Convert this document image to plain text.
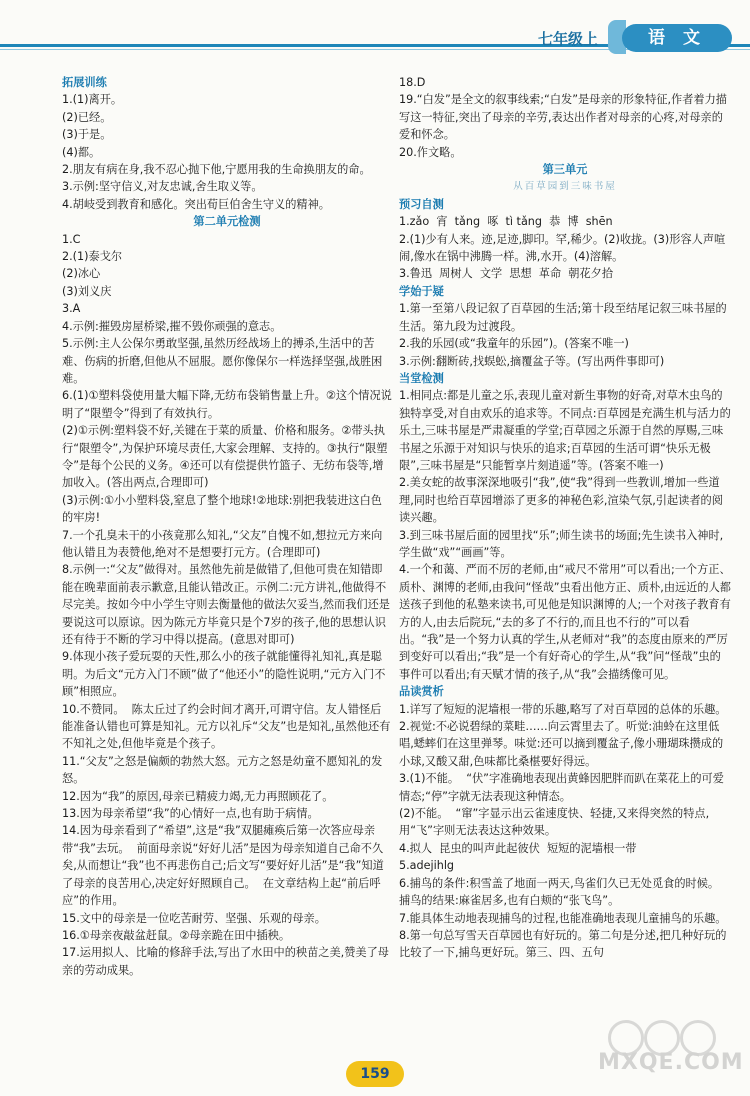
七年级上	语 文

拓展训练

1.(1)离开。

(2)已经。

(3)于是。

(4)都。

2.朋友有病在身,我不忍心抛下他,宁愿用我的生命换朋友的命。

3.示例:坚守信义,对友忠诚,舍生取义等。

4.胡岐受到教育和感化。突出荀巨伯舍生守义的精神。

第二单元检测

1.C

2.(1)泰戈尔

(2)冰心

(3)刘义庆

3.A

4.示例:摧毁房屋桥梁,摧不毁你顽强的意志。

5.示例:主人公保尔勇敢坚强,虽然历经战场上的搏杀,生活中的苦难、伤病的折磨,但他从不屈服。愿你像保尔一样选择坚强,战胜困难。

6.(1)①塑料袋使用量大幅下降,无纺布袋销售量上升。②这个情况说明了“限塑令”得到了有效执行。

(2)①示例:塑料袋不好,关键在于菜的质量、价格和服务。②带头执行“限塑令”,为保护环境尽责任,大家会理解、支持的。③执行“限塑令”是每个公民的义务。④还可以有偿提供竹篮子、无纺布袋等,增加收入。(答出两点,合理即可)

(3)示例:①小小塑料袋,窒息了整个地球!②地球:别把我装进这白色的牢房!

7.一个孔臭未干的小孩竟那么知礼,“父友”自愧不如,想拉元方来向他认错且为表赞他,绝对不是想要打元方。(合理即可)

8.示例一:“父友”做得对。虽然他先前是做错了,但他可贵在知错即能在晚辈面前表示歉意,且能认错改正。示例二:元方讲礼,他做得不尽完美。按如今中小学生守则去衡量他的做法欠妥当,然而我们还是要说这可以原谅。因为陈元方毕竟只是个7岁的孩子,他的思想认识还有待于不断的学习中得以提高。(意思对即可)

9.体现小孩子爱玩耍的天性,那么小的孩子就能懂得礼知礼,真是聪明。为后文“元方入门不顾”做了“他还小”的隐性说明,“元方入门不顾”相照应。

10.不赞同。  陈太丘过了约会时间才离开,可谓守信。友人错怪后能准备认错也可算是知礼。元方以礼斥“父友”也是知礼,虽然他还有不知礼之处,但他毕竟是个孩子。

11.“父友”之怒是偏颇的勃然大怒。元方之怒是幼童不愿知礼的发怒。

12.因为“我”的原因,母亲已精疲力竭,无力再照顾花了。

13.因为母亲希望“我”的心情好一点,也有助于病情。

14.因为母亲看到了“希望”,这是“我”双腿瘫痪后第一次答应母亲带“我”去玩。  前面母亲说“好好儿活”是因为母亲知道自己命不久矣,从而想让“我”也不再悲伤自己;后文写“要好好儿活”是“我”知道了母亲的良苦用心,决定好好照顾自己。  在文章结构上起“前后呼应”的作用。

15.文中的母亲是一位吃苦耐劳、坚强、乐观的母亲。

16.①母亲夜敲盆赶鼠。②母亲跪在田中插秧。

17.运用拟人、比喻的修辞手法,写出了水田中的秧苗之美,赞美了母亲的劳动成果。

18.D

19.“白发”是全文的叙事线索;“白发”是母亲的形象特征,作者着力描写这一特征,突出了母亲的辛劳,表达出作者对母亲的心疼,对母亲的爱和怀念。

20.作文略。

第三单元

从百草园到三味书屋

预习自测

1.zǎo  宵  tǎng  啄  tì tǎng  恭  博  shēn

2.(1)少有人来。迹,足迹,脚印。罕,稀少。(2)收拢。(3)形容人声喧闹,像水在锅中沸腾一样。沸,水开。(4)溶解。

3.鲁迅  周树人  文学  思想  革命  朝花夕拾

学始于疑

1.第一至第八段记叙了百草园的生活;第十段至结尾记叙三味书屋的生活。第九段为过渡段。

2.我的乐园(或“我童年的乐园”)。(答案不唯一)

3.示例:翻断砖,找蜈蚣,摘覆盆子等。(写出两件事即可)

当堂检测

1.相同点:都是儿童之乐,表现儿童对新生事物的好奇,对草木虫鸟的独特享受,对自由欢乐的追求等。不同点:百草园是充满生机与活力的乐土,三味书屋是严肃凝重的学堂;百草园之乐源于自然的厚赐,三味书屋之乐源于对知识与快乐的追求;百草园的生活可谓“快乐无极限”,三味书屋是“只能暂享片刻逍遥”等。(答案不唯一)

2.美女蛇的故事深深地吸引“我”,使“我”得到一些教训,增加一些道理,同时也给百草园增添了更多的神秘色彩,渲染气氛,引起读者的阅读兴趣。

3.到三味书屋后面的园里找“乐”;师生读书的场面;先生读书入神时,学生做“戏”“画画”等。

4.一个和蔼、严而不厉的老师,由“戒尺不常用”可以看出;一个方正、质朴、渊博的老师,由我问“怪哉”虫看出他方正、质朴,由远近的人都送孩子到他的私塾来读书,可见他是知识渊博的人;一个对孩子教育有方的人,由去后院玩,“去的多了不行的,而且也不行的”可以看出。“我”是一个努力认真的学生,从老师对“我”的态度由原来的严厉到变好可以看出;“我”是一个有好奇心的学生,从“我”问“怪哉”虫的事件可以看出;有天赋才情的孩子,从“我”会描绣像可见。

品读赏析

1.详写了短短的泥墙根一带的乐趣,略写了对百草园的总体的乐趣。

2.视觉:不必说碧绿的菜畦……向云霄里去了。听觉:油蛉在这里低唱,蟋蟀们在这里弹琴。味觉:还可以摘到覆盆子,像小珊瑚珠攒成的小球,又酸又甜,色味都比桑椹要好得远。

3.(1)不能。  “伏”字准确地表现出黄蜂因肥胖而趴在菜花上的可爱情态;“停”字就无法表现这种情态。

(2)不能。  “窜”字显示出云雀速度快、轻捷,又来得突然的特点,用“飞”字则无法表达这种效果。

4.拟人  昆虫的叫声此起彼伏  短短的泥墙根一带

5.adejihlg

6.捕鸟的条件:积雪盖了地面一两天,鸟雀们久已无处觅食的时候。  捕鸟的结果:麻雀居多,也有白颊的“张飞鸟”。

7.能具体生动地表现捕鸟的过程,也能准确地表现儿童捕鸟的乐趣。

8.第一句总写雪天百草园也有好玩的。第二句是分述,把几种好玩的比较了一下,捕鸟更好玩。第三、四、五句

159	MXQE.COM
